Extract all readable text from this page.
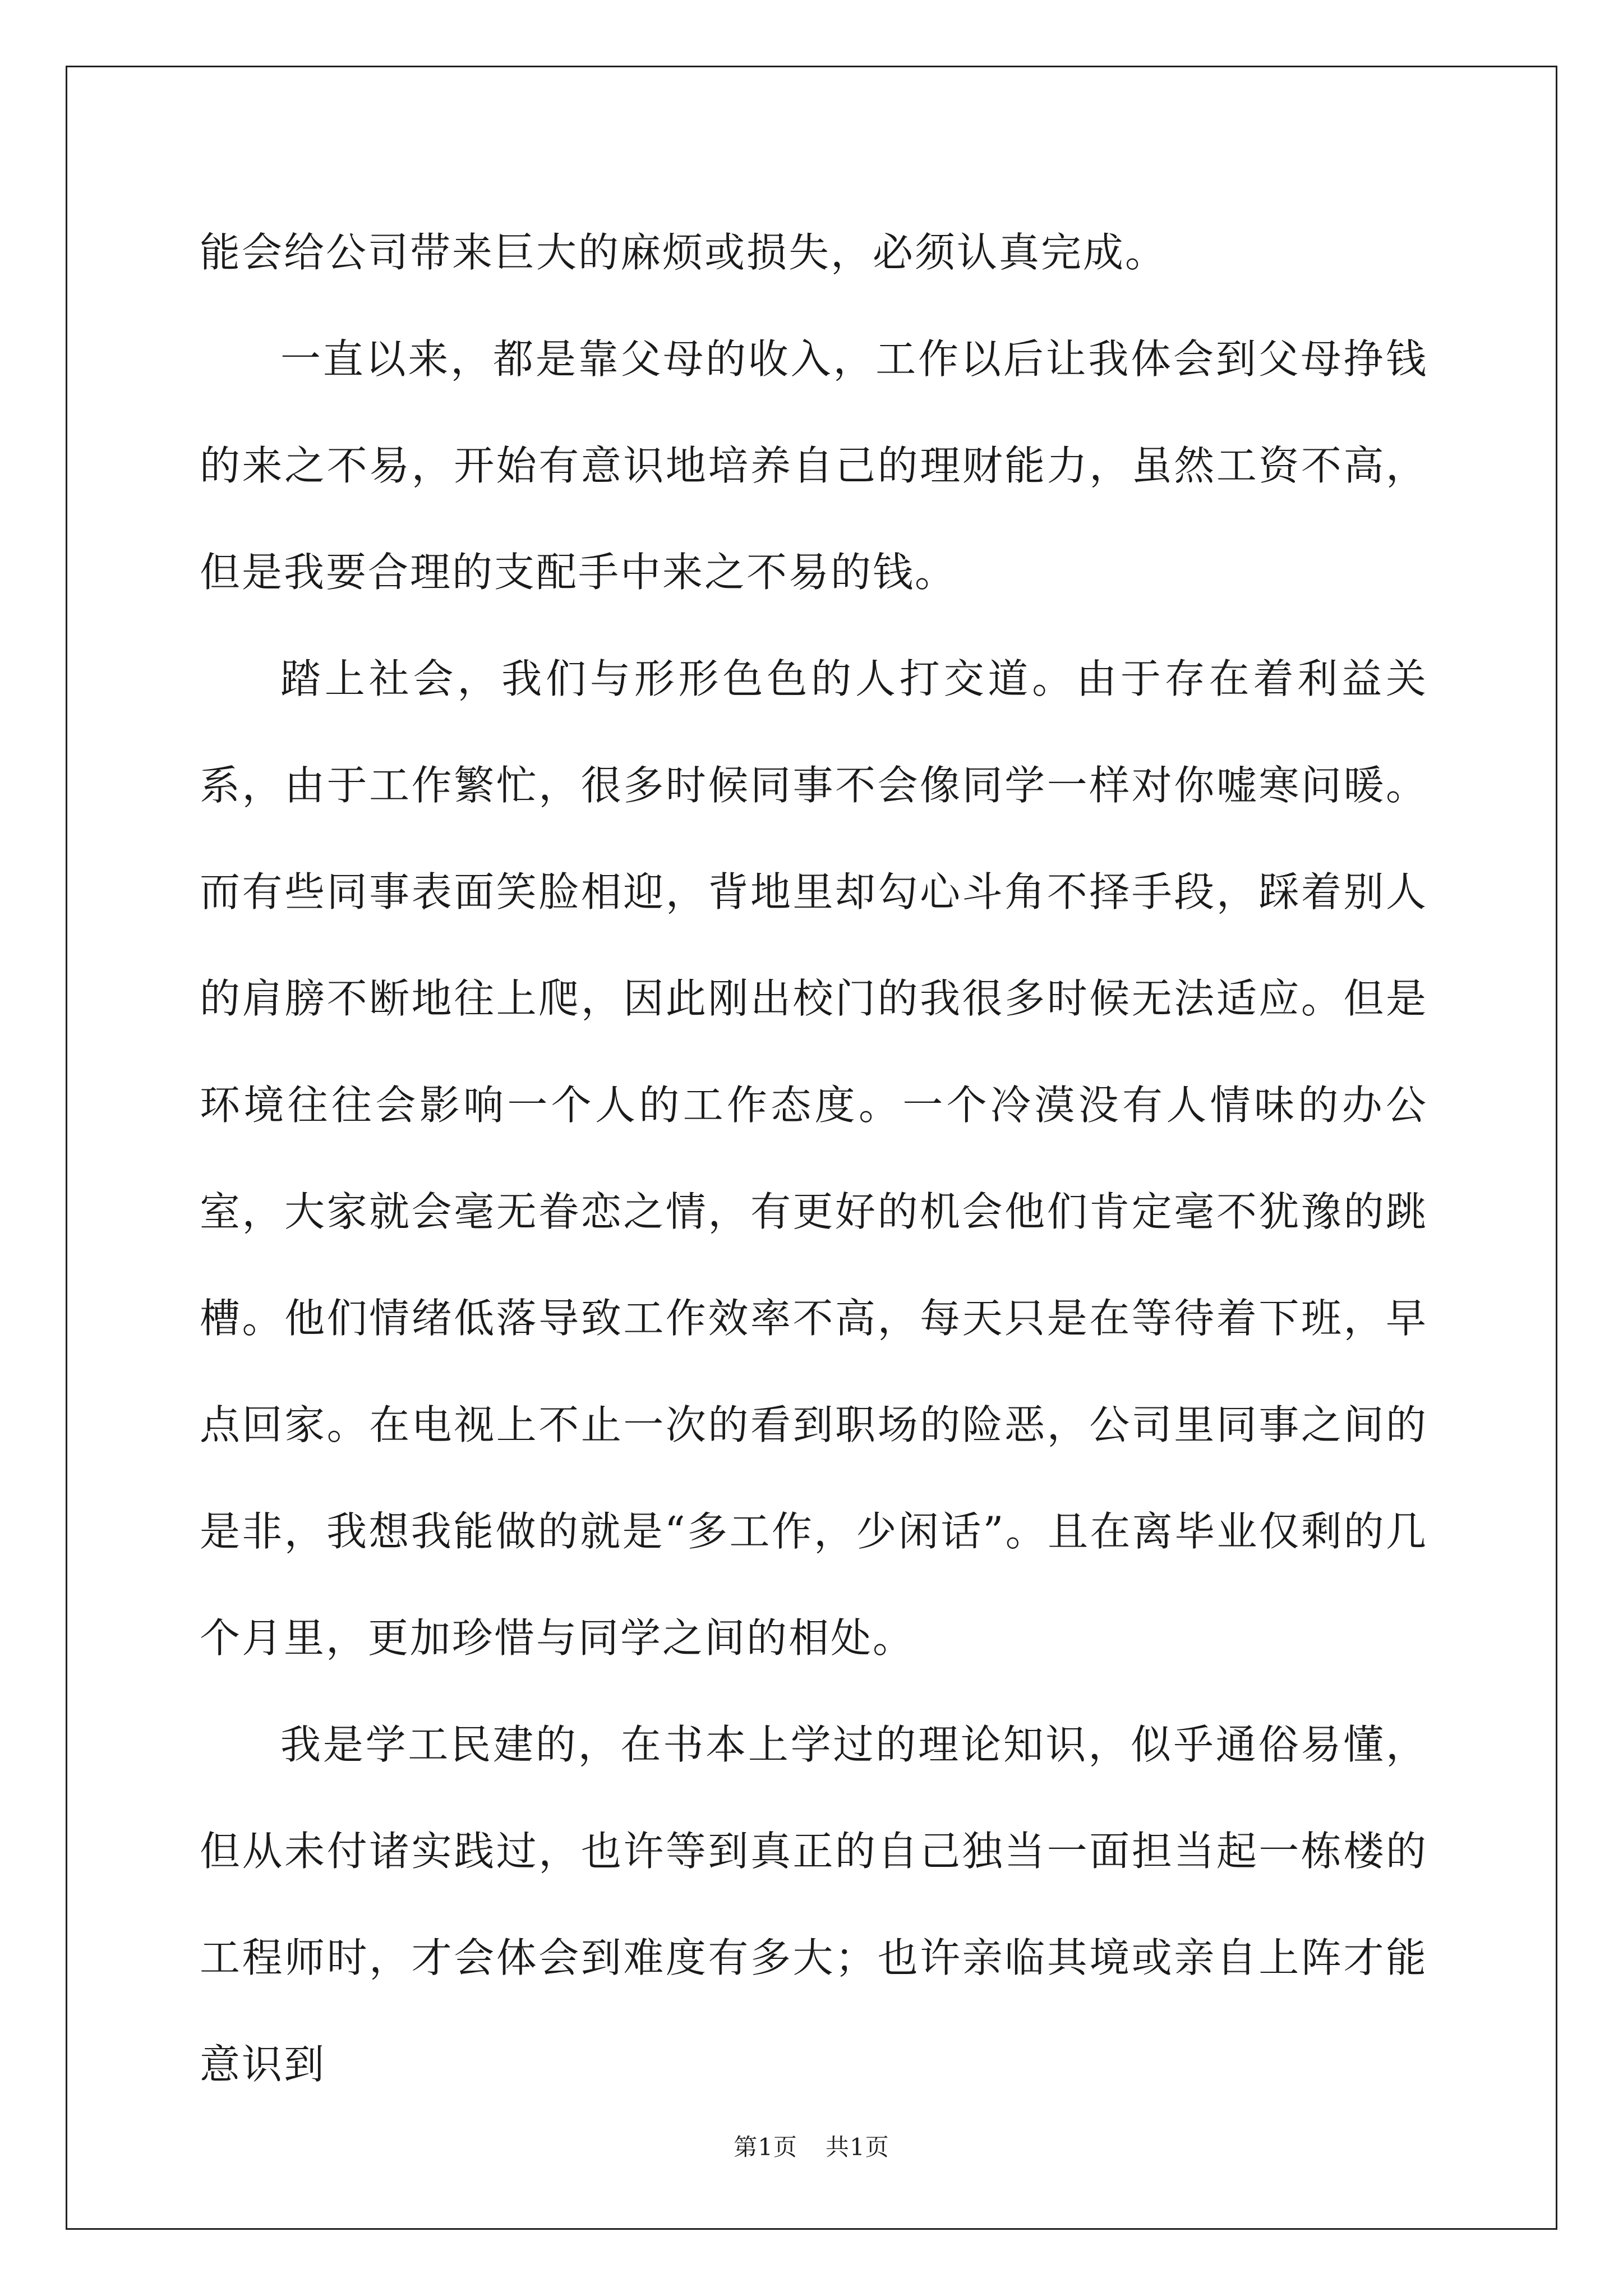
能会给公司带来巨大的麻烦或损失，必须认真完成。

一直以来，都是靠父母的收入，工作以后让我体会到父母挣钱的来之不易，开始有意识地培养自己的理财能力，虽然工资不高，但是我要合理的支配手中来之不易的钱。

踏上社会，我们与形形色色的人打交道。由于存在着利益关系，由于工作繁忙，很多时候同事不会像同学一样对你嘘寒问暖。而有些同事表面笑脸相迎，背地里却勾心斗角不择手段，踩着别人的肩膀不断地往上爬，因此刚出校门的我很多时候无法适应。但是环境往往会影响一个人的工作态度。一个冷漠没有人情味的办公室，大家就会毫无眷恋之情，有更好的机会他们肯定毫不犹豫的跳槽。他们情绪低落导致工作效率不高，每天只是在等待着下班，早点回家。在电视上不止一次的看到职场的险恶，公司里同事之间的是非，我想我能做的就是“多工作，少闲话”。且在离毕业仅剩的几个月里，更加珍惜与同学之间的相处。

我是学工民建的，在书本上学过的理论知识，似乎通俗易懂，但从未付诸实践过，也许等到真正的自己独当一面担当起一栋楼的工程师时，才会体会到难度有多大；也许亲临其境或亲自上阵才能意识到

第1页 共1页
